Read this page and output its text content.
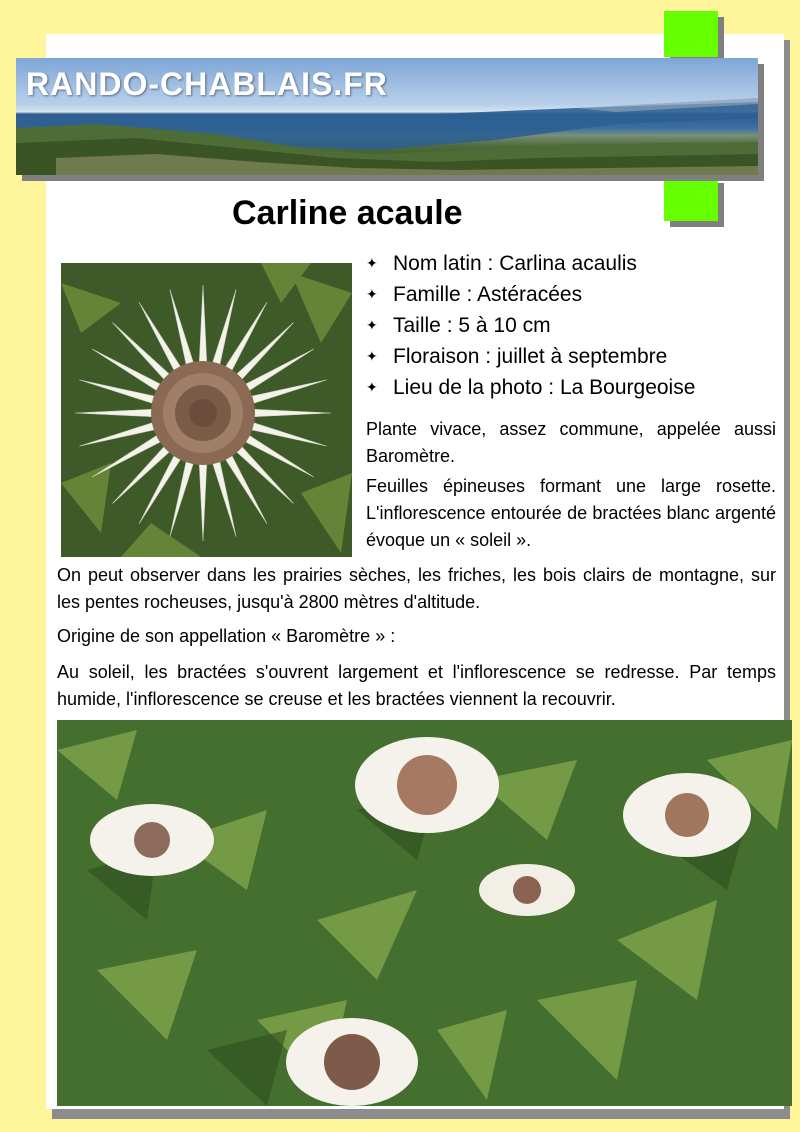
RANDO-CHABLAIS.FR
Carline acaule
✦ Nom latin : Carlina acaulis
✦ Famille : Astéracées
✦ Taille : 5 à 10 cm
✦ Floraison : juillet à septembre
✦ Lieu de la photo : La Bourgeoise

Plante vivace, assez commune, appelée aussi Baromètre.

Feuilles épineuses formant une large rosette. L'inflorescence entourée de bractées blanc argenté évoque un « soleil ».

On peut observer dans les prairies sèches, les friches, les bois clairs de montagne, sur les pentes rocheuses, jusqu'à 2800 mètres d'altitude.

Origine de son appellation « Baromètre » :

Au soleil, les bractées s'ouvrent largement et l'inflorescence se redresse. Par temps humide, l'inflorescence se creuse et les bractées viennent la recouvrir.
